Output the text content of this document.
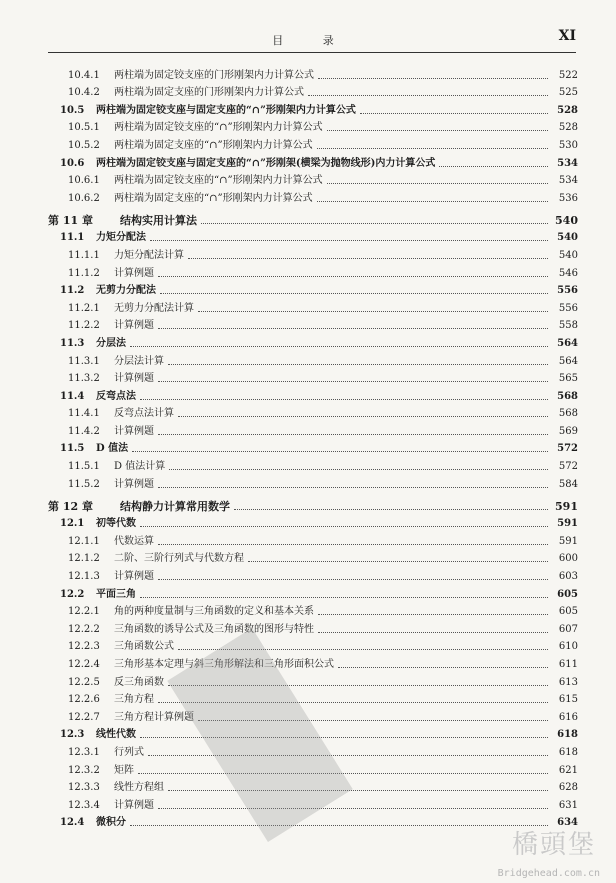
目 录	XI
10.4.1	两柱端为固定铰支座的门形刚架内力计算公式	522
10.4.2	两柱端为固定支座的门形刚架内力计算公式	525
10.5	两柱端为固定铰支座与固定支座的“∩”形刚架内力计算公式	528
10.5.1	两柱端为固定铰支座的“∩”形刚架内力计算公式	528
10.5.2	两柱端为固定支座的“∩”形刚架内力计算公式	530
10.6	两柱端为固定铰支座与固定支座的“∩”形刚架(横梁为抛物线形)内力计算公式	534
10.6.1	两柱端为固定铰支座的“∩”形刚架内力计算公式	534
10.6.2	两柱端为固定支座的“∩”形刚架内力计算公式	536
第 11 章	结构实用计算法	540
11.1	力矩分配法	540
11.1.1	力矩分配法计算	540
11.1.2	计算例题	546
11.2	无剪力分配法	556
11.2.1	无剪力分配法计算	556
11.2.2	计算例题	558
11.3	分层法	564
11.3.1	分层法计算	564
11.3.2	计算例题	565
11.4	反弯点法	568
11.4.1	反弯点法计算	568
11.4.2	计算例题	569
11.5	D 值法	572
11.5.1	D 值法计算	572
11.5.2	计算例题	584
第 12 章	结构静力计算常用数学	591
12.1	初等代数	591
12.1.1	代数运算	591
12.1.2	二阶、三阶行列式与代数方程	600
12.1.3	计算例题	603
12.2	平面三角	605
12.2.1	角的两种度量制与三角函数的定义和基本关系	605
12.2.2	三角函数的诱导公式及三角函数的图形与特性	607
12.2.3	三角函数公式	610
12.2.4	三角形基本定理与斜三角形解法和三角形面积公式	611
12.2.5	反三角函数	613
12.2.6	三角方程	615
12.2.7	三角方程计算例题	616
12.3	线性代数	618
12.3.1	行列式	618
12.3.2	矩阵	621
12.3.3	线性方程组	628
12.3.4	计算例题	631
12.4	微积分	634
橋頭堡
Bridgehead.com.cn
